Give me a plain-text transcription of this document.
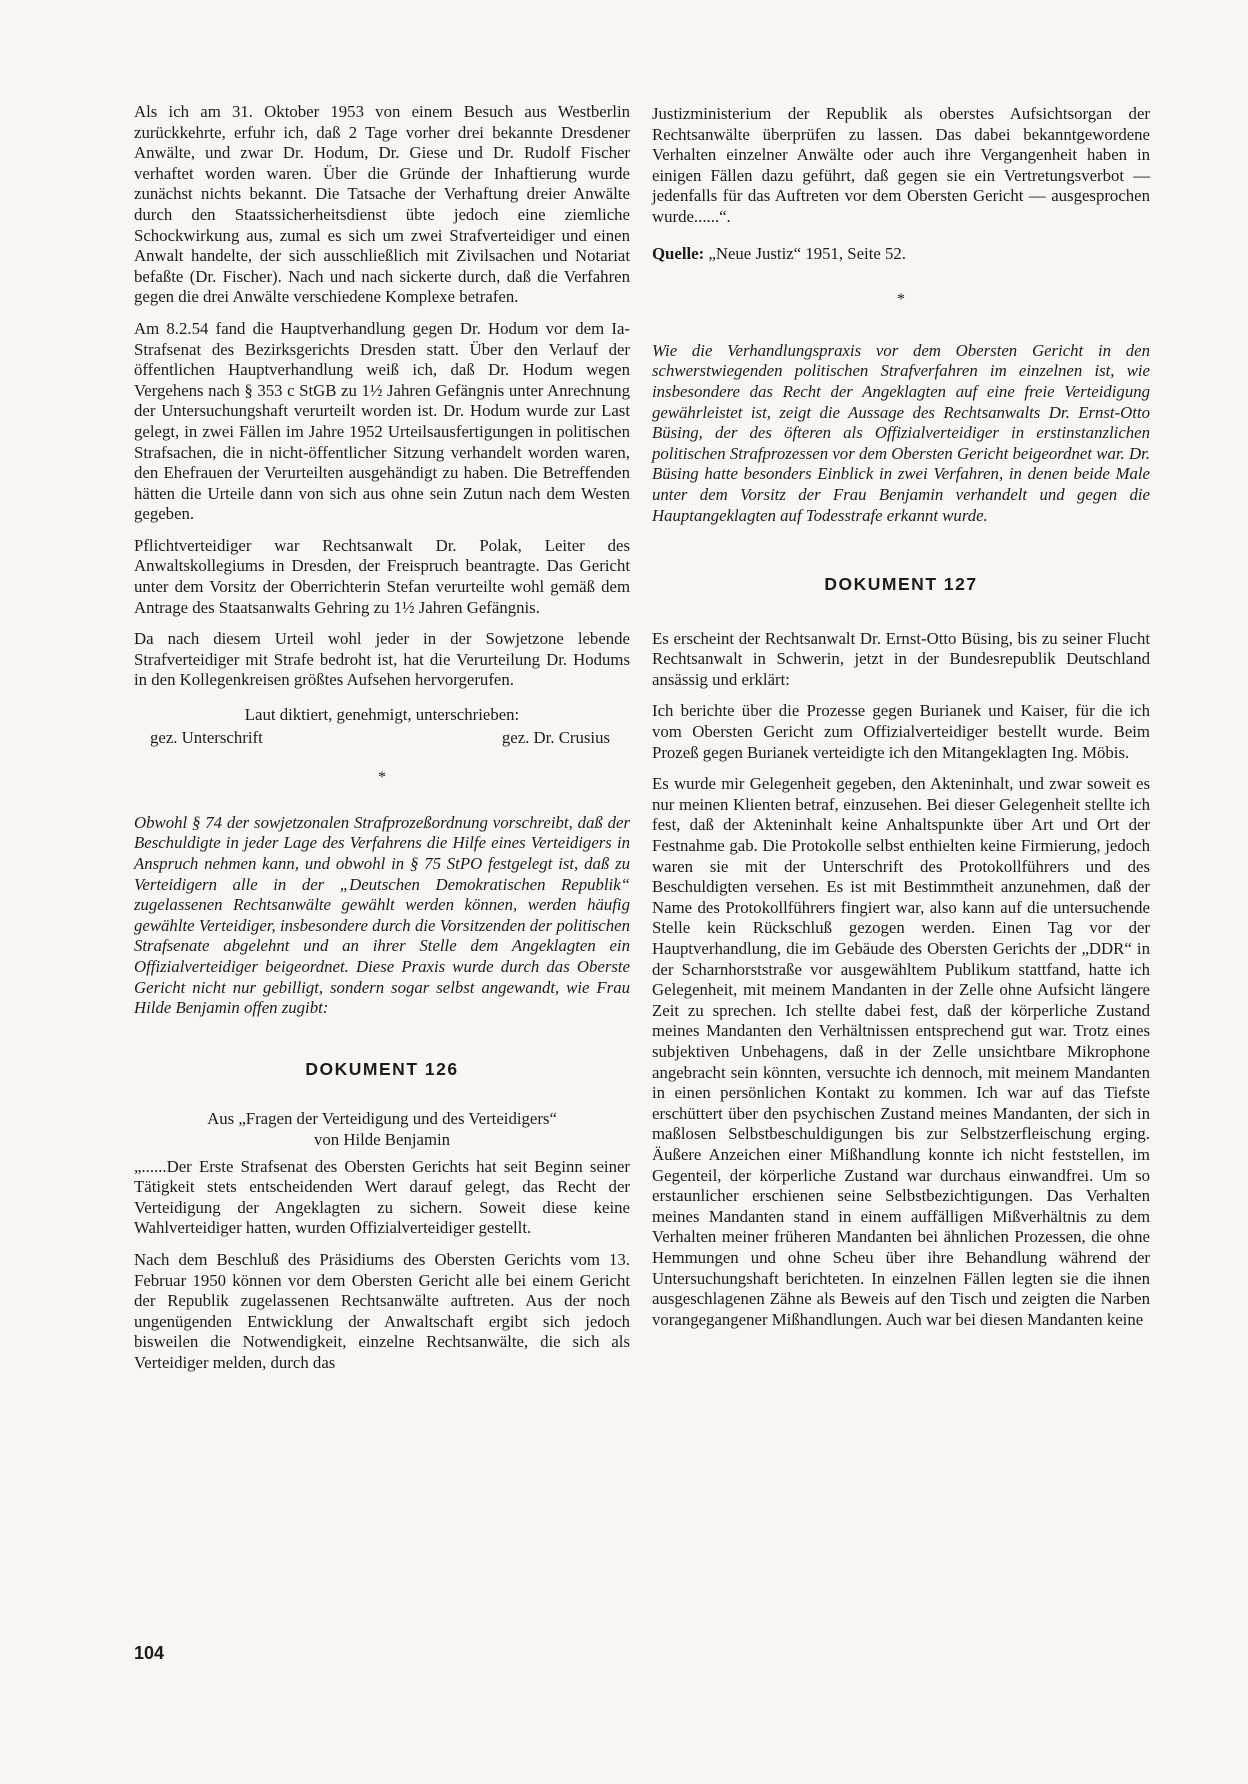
Als ich am 31. Oktober 1953 von einem Besuch aus Westberlin zurückkehrte, erfuhr ich, daß 2 Tage vorher drei bekannte Dresdener Anwälte, und zwar Dr. Hodum, Dr. Giese und Dr. Rudolf Fischer verhaftet worden waren. Über die Gründe der Inhaftierung wurde zunächst nichts bekannt. Die Tatsache der Verhaftung dreier Anwälte durch den Staatssicherheitsdienst übte jedoch eine ziemliche Schockwirkung aus, zumal es sich um zwei Strafverteidiger und einen Anwalt handelte, der sich ausschließlich mit Zivilsachen und Notariat befaßte (Dr. Fischer). Nach und nach sickerte durch, daß die Verfahren gegen die drei Anwälte verschiedene Komplexe betrafen.

Am 8.2.54 fand die Hauptverhandlung gegen Dr. Hodum vor dem Ia-Strafsenat des Bezirksgerichts Dresden statt. Über den Verlauf der öffentlichen Hauptverhandlung weiß ich, daß Dr. Hodum wegen Vergehens nach § 353 c StGB zu 1½ Jahren Gefängnis unter Anrechnung der Untersuchungshaft verurteilt worden ist. Dr. Hodum wurde zur Last gelegt, in zwei Fällen im Jahre 1952 Urteilsausfertigungen in politischen Strafsachen, die in nicht-öffentlicher Sitzung verhandelt worden waren, den Ehefrauen der Verurteilten ausgehändigt zu haben. Die Betreffenden hätten die Urteile dann von sich aus ohne sein Zutun nach dem Westen gegeben.

Pflichtverteidiger war Rechtsanwalt Dr. Polak, Leiter des Anwaltskollegiums in Dresden, der Freispruch beantragte. Das Gericht unter dem Vorsitz der Oberrichterin Stefan verurteilte wohl gemäß dem Antrage des Staatsanwalts Gehring zu 1½ Jahren Gefängnis.

Da nach diesem Urteil wohl jeder in der Sowjetzone lebende Strafverteidiger mit Strafe bedroht ist, hat die Verurteilung Dr. Hodums in den Kollegenkreisen größtes Aufsehen hervorgerufen.

Laut diktiert, genehmigt, unterschrieben:
gez. Unterschrift	gez. Dr. Crusius
*

Obwohl § 74 der sowjetzonalen Strafprozeßordnung vorschreibt, daß der Beschuldigte in jeder Lage des Verfahrens die Hilfe eines Verteidigers in Anspruch nehmen kann, und obwohl in § 75 StPO festgelegt ist, daß zu Verteidigern alle in der „Deutschen Demokratischen Republik“ zugelassenen Rechtsanwälte gewählt werden können, werden häufig gewählte Verteidiger, insbesondere durch die Vorsitzenden der politischen Strafsenate abgelehnt und an ihrer Stelle dem Angeklagten ein Offizialverteidiger beigeordnet. Diese Praxis wurde durch das Oberste Gericht nicht nur gebilligt, sondern sogar selbst angewandt, wie Frau Hilde Benjamin offen zugibt:

DOKUMENT 126
Aus „Fragen der Verteidigung und des Verteidigers“
von Hilde Benjamin

„......Der Erste Strafsenat des Obersten Gerichts hat seit Beginn seiner Tätigkeit stets entscheidenden Wert darauf gelegt, das Recht der Verteidigung der Angeklagten zu sichern. Soweit diese keine Wahlverteidiger hatten, wurden Offizialverteidiger gestellt.

Nach dem Beschluß des Präsidiums des Obersten Gerichts vom 13. Februar 1950 können vor dem Obersten Gericht alle bei einem Gericht der Republik zugelassenen Rechtsanwälte auftreten. Aus der noch ungenügenden Entwicklung der Anwaltschaft ergibt sich jedoch bisweilen die Notwendigkeit, einzelne Rechtsanwälte, die sich als Verteidiger melden, durch das

Justizministerium der Republik als oberstes Aufsichtsorgan der Rechtsanwälte überprüfen zu lassen. Das dabei bekanntgewordene Verhalten einzelner Anwälte oder auch ihre Vergangenheit haben in einigen Fällen dazu geführt, daß gegen sie ein Vertretungsverbot — jedenfalls für das Auftreten vor dem Obersten Gericht — ausgesprochen wurde......“.

Quelle: „Neue Justiz“ 1951, Seite 52.

*

Wie die Verhandlungspraxis vor dem Obersten Gericht in den schwerstwiegenden politischen Strafverfahren im einzelnen ist, wie insbesondere das Recht der Angeklagten auf eine freie Verteidigung gewährleistet ist, zeigt die Aussage des Rechtsanwalts Dr. Ernst-Otto Büsing, der des öfteren als Offizialverteidiger in erstinstanzlichen politischen Strafprozessen vor dem Obersten Gericht beigeordnet war. Dr. Büsing hatte besonders Einblick in zwei Verfahren, in denen beide Male unter dem Vorsitz der Frau Benjamin verhandelt und gegen die Hauptangeklagten auf Todesstrafe erkannt wurde.

DOKUMENT 127

Es erscheint der Rechtsanwalt Dr. Ernst-Otto Büsing, bis zu seiner Flucht Rechtsanwalt in Schwerin, jetzt in der Bundesrepublik Deutschland ansässig und erklärt:

Ich berichte über die Prozesse gegen Burianek und Kaiser, für die ich vom Obersten Gericht zum Offizialverteidiger bestellt wurde. Beim Prozeß gegen Burianek verteidigte ich den Mitangeklagten Ing. Möbis.

Es wurde mir Gelegenheit gegeben, den Akteninhalt, und zwar soweit es nur meinen Klienten betraf, einzusehen. Bei dieser Gelegenheit stellte ich fest, daß der Akteninhalt keine Anhaltspunkte über Art und Ort der Festnahme gab. Die Protokolle selbst enthielten keine Firmierung, jedoch waren sie mit der Unterschrift des Protokollführers und des Beschuldigten versehen. Es ist mit Bestimmtheit anzunehmen, daß der Name des Protokollführers fingiert war, also kann auf die untersuchende Stelle kein Rückschluß gezogen werden. Einen Tag vor der Hauptverhandlung, die im Gebäude des Obersten Gerichts der „DDR“ in der Scharnhorststraße vor ausgewähltem Publikum stattfand, hatte ich Gelegenheit, mit meinem Mandanten in der Zelle ohne Aufsicht längere Zeit zu sprechen. Ich stellte dabei fest, daß der körperliche Zustand meines Mandanten den Verhältnissen entsprechend gut war. Trotz eines subjektiven Unbehagens, daß in der Zelle unsichtbare Mikrophone angebracht sein könnten, versuchte ich dennoch, mit meinem Mandanten in einen persönlichen Kontakt zu kommen. Ich war auf das Tiefste erschüttert über den psychischen Zustand meines Mandanten, der sich in maßlosen Selbstbeschuldigungen bis zur Selbstzerfleischung erging. Äußere Anzeichen einer Mißhandlung konnte ich nicht feststellen, im Gegenteil, der körperliche Zustand war durchaus einwandfrei. Um so erstaunlicher erschienen seine Selbstbezichtigungen. Das Verhalten meines Mandanten stand in einem auffälligen Mißverhältnis zu dem Verhalten meiner früheren Mandanten bei ähnlichen Prozessen, die ohne Hemmungen und ohne Scheu über ihre Behandlung während der Untersuchungshaft berichteten. In einzelnen Fällen legten sie die ihnen ausgeschlagenen Zähne als Beweis auf den Tisch und zeigten die Narben vorangegangener Mißhandlungen. Auch war bei diesen Mandanten keine

104
